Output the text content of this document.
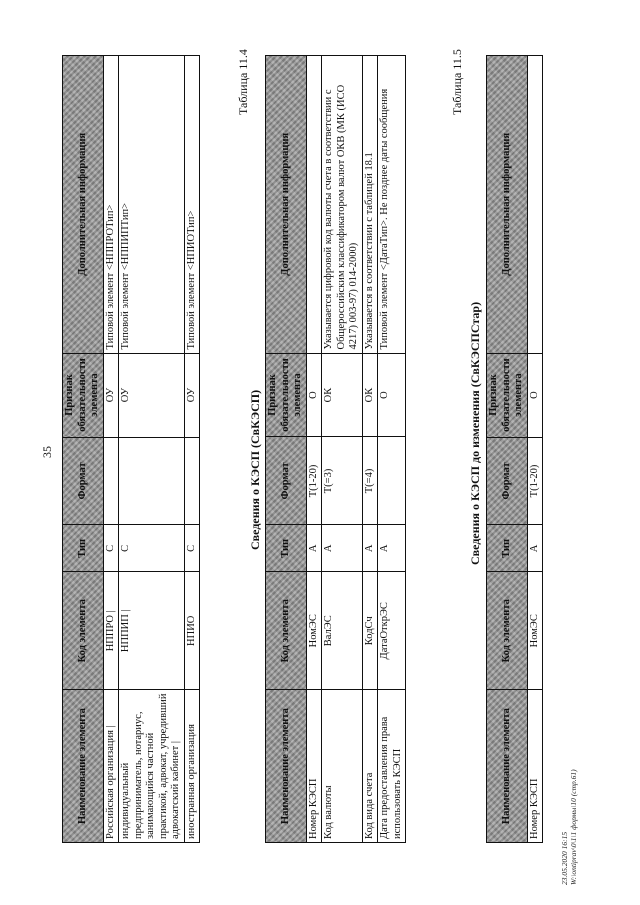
35
Таблица 11.4
Наименование элемента	Код элемента	Тип	Формат	Признак обязательности элемента	Дополнительная информация
Российская организация |	НППРО |	С		ОУ	Типовой элемент <НППРОТип>
индивидуальный предприниматель, нотариус, занимающийся частной практикой, адвокат, учредивший адвокатский кабинет |	НППИП |	С		ОУ	Типовой элемент <НППИПТип>
иностранная организация	НПИО	С		ОУ	Типовой элемент <НПИОТип>
Сведения о КЭСП (СвКЭСП)
Таблица 11.5
Наименование элемента	Код элемента	Тип	Формат	Признак обязательности элемента	Дополнительная информация
Номер КЭСП	НомЭС	А	T(1-20)	О	
Код валюты	ВалЭС	А	T(=3)	ОК	Указывается цифровой код валюты счета в соответствии с Общероссийским классификатором валют ОКВ (МК (ИСО 4217) 003-97) 014-2000)
Код вида счета	КодСч	А	T(=4)	ОК	Указывается в соответствии с таблицей 18.1
Дата предоставления права использовать КЭСП	ДатаОткрЭС	А		О	Типовой элемент <ДатаТип>. Не позднее даты сообщения
Сведения о КЭСП до изменения (СвКЭСПСтар)
Наименование элемента	Код элемента	Тип	Формат	Признак обязательности элемента	Дополнительная информация
Номер КЭСП	НомЭС	А	T(1-20)	О	
23.05.2020 16:15 W:\ontiprav\0\1\1 формы\10 (стр.61)
